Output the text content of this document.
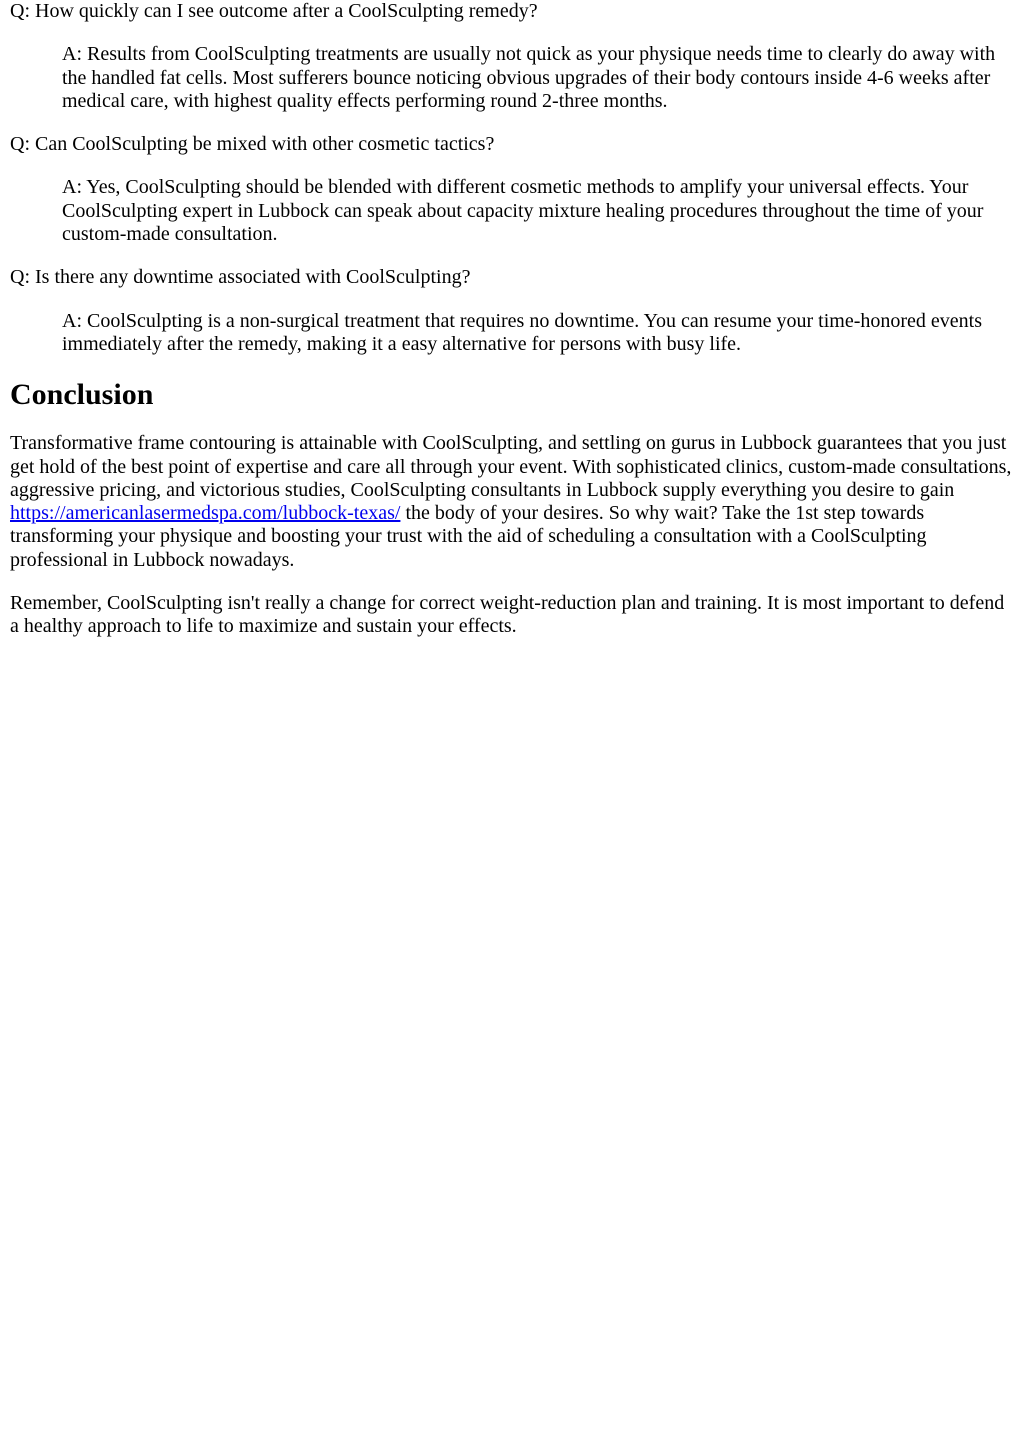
Q: How quickly can I see outcome after a CoolSculpting remedy?

A: Results from CoolSculpting treatments are usually not quick as your physique needs time to clearly do away with the handled fat cells. Most sufferers bounce noticing obvious upgrades of their body contours inside 4-6 weeks after medical care, with highest quality effects performing round 2-three months.

Q: Can CoolSculpting be mixed with other cosmetic tactics?

A: Yes, CoolSculpting should be blended with different cosmetic methods to amplify your universal effects. Your CoolSculpting expert in Lubbock can speak about capacity mixture healing procedures throughout the time of your custom-made consultation.

Q: Is there any downtime associated with CoolSculpting?

A: CoolSculpting is a non-surgical treatment that requires no downtime. You can resume your time-honored events immediately after the remedy, making it a easy alternative for persons with busy life.

Conclusion

Transformative frame contouring is attainable with CoolSculpting, and settling on gurus in Lubbock guarantees that you just get hold of the best point of expertise and care all through your event. With sophisticated clinics, custom-made consultations, aggressive pricing, and victorious studies, CoolSculpting consultants in Lubbock supply everything you desire to gain https://americanlasermedspa.com/lubbock-texas/ the body of your desires. So why wait? Take the 1st step towards transforming your physique and boosting your trust with the aid of scheduling a consultation with a CoolSculpting professional in Lubbock nowadays.

Remember, CoolSculpting isn't really a change for correct weight-reduction plan and training. It is most important to defend a healthy approach to life to maximize and sustain your effects.
